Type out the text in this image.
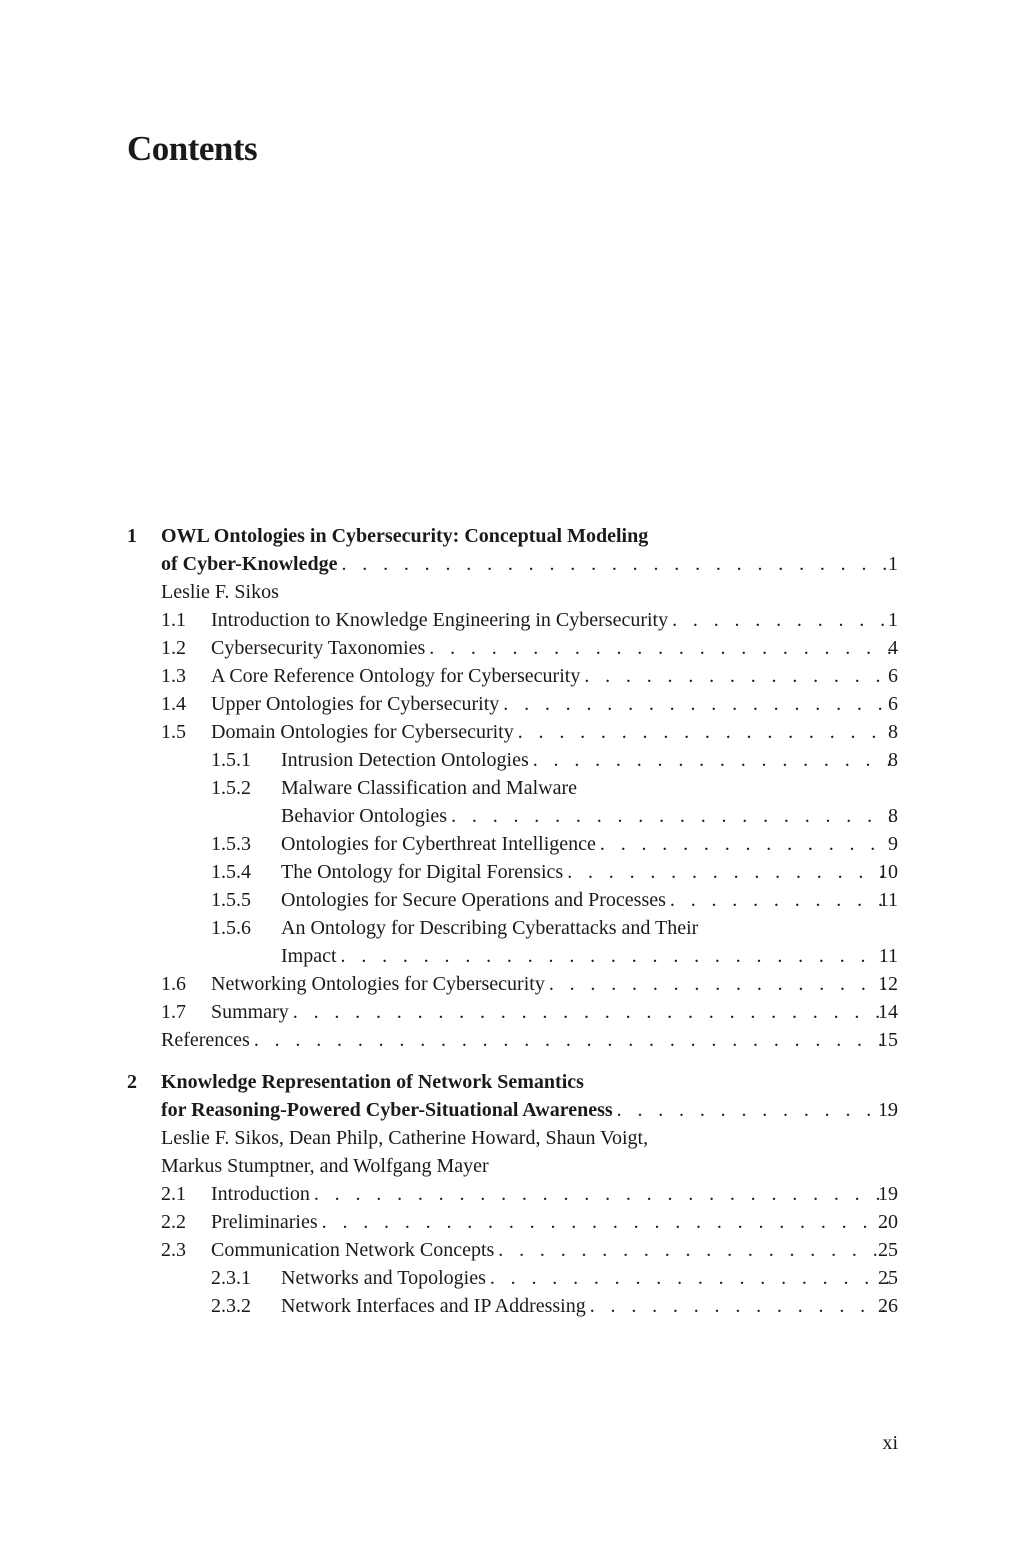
Contents
1 OWL Ontologies in Cybersecurity: Conceptual Modeling
of Cyber-Knowledge . . .	1
Leslie F. Sikos
1.1 Introduction to Knowledge Engineering in Cybersecurity . . .	1
1.2 Cybersecurity Taxonomies . . .	4
1.3 A Core Reference Ontology for Cybersecurity . . .	6
1.4 Upper Ontologies for Cybersecurity . . .	6
1.5 Domain Ontologies for Cybersecurity . . .	8
1.5.1 Intrusion Detection Ontologies . . .	8
1.5.2 Malware Classification and Malware
Behavior Ontologies . . .	8
1.5.3 Ontologies for Cyberthreat Intelligence . . .	9
1.5.4 The Ontology for Digital Forensics . . .	10
1.5.5 Ontologies for Secure Operations and Processes . . .	11
1.5.6 An Ontology for Describing Cyberattacks and Their
Impact . . .	11
1.6 Networking Ontologies for Cybersecurity . . .	12
1.7 Summary . . .	14
References . . .	15
2 Knowledge Representation of Network Semantics
for Reasoning-Powered Cyber-Situational Awareness . . .	19
Leslie F. Sikos, Dean Philp, Catherine Howard, Shaun Voigt,
Markus Stumptner, and Wolfgang Mayer
2.1 Introduction . . .	19
2.2 Preliminaries . . .	20
2.3 Communication Network Concepts . . .	25
2.3.1 Networks and Topologies . . .	25
2.3.2 Network Interfaces and IP Addressing . . .	26
xi
